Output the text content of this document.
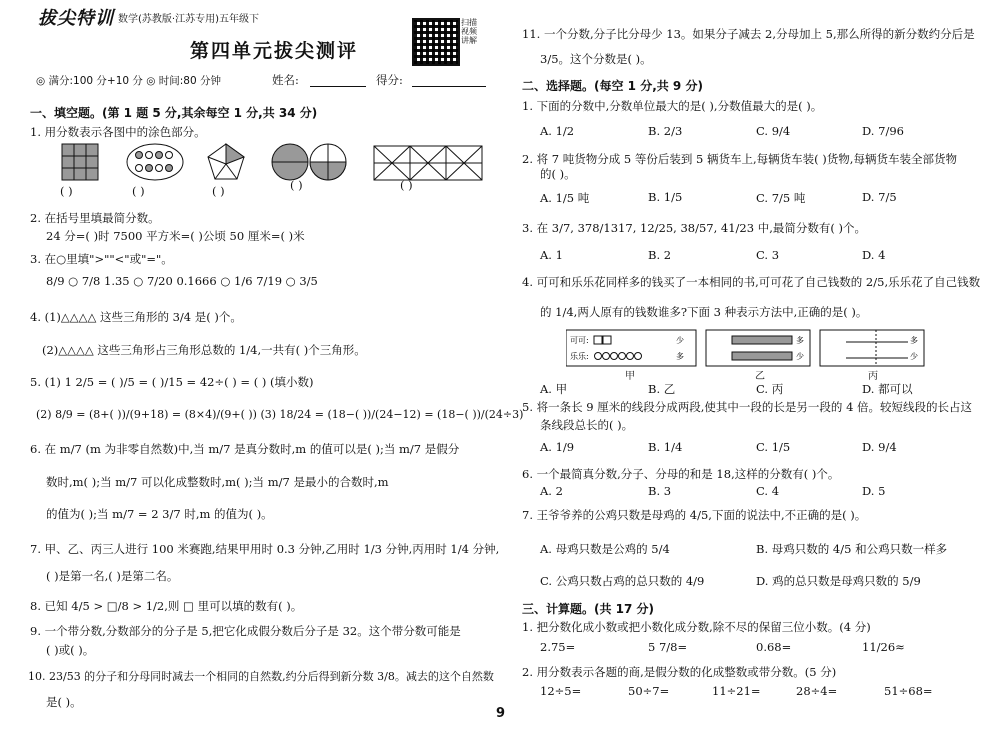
拔尖特训 数学(苏教版·江苏专用)五年级下	扫描视频讲解
第四单元拔尖测评
◎ 满分:100 分+10 分 ◎ 时间:80 分钟	姓名:	得分:
一、填空题。(第 1 题 5 分,其余每空 1 分,共 34 分)
1. 用分数表示各图中的涂色部分。
( )	( )	( )	( )	( )
2. 在括号里填最简分数。
24 分=( )时 7500 平方米=( )公顷 50 厘米=( )米
3. 在○里填">""<"或"="。
8/9 ○ 7/8 1.35 ○ 7/20 0.1666 ○ 1/6 7/19 ○ 3/5
4. (1)△△△△ 这些三角形的 3/4 是( )个。
(2)△△△△ 这些三角形占三角形总数的 1/4,一共有( )个三角形。
5. (1) 1 2/5 = ( )/5 = ( )/15 = 42÷( ) = ( ) (填小数)
(2) 8/9 = (8+( ))/(9+18) = (8×4)/(9+( )) (3) 18/24 = (18−( ))/(24−12) = (18−( ))/(24÷3)
6. 在 m/7 (m 为非零自然数)中,当 m/7 是真分数时,m 的值可以是( );当 m/7 是假分
数时,m( );当 m/7 可以化成整数时,m( );当 m/7 是最小的合数时,m
的值为( );当 m/7 = 2 3/7 时,m 的值为( )。
7. 甲、乙、丙三人进行 100 米赛跑,结果甲用时 0.3 分钟,乙用时 1/3 分钟,丙用时 1/4 分钟,
( )是第一名,( )是第二名。
8. 已知 4/5 > □/8 > 1/2,则 □ 里可以填的数有( )。
9. 一个带分数,分数部分的分子是 5,把它化成假分数后分子是 32。这个带分数可能是
( )或( )。
10. 23/53 的分子和分母同时减去一个相同的自然数,约分后得到新分数 3/8。减去的这个自然数
是( )。
9
11. 一个分数,分子比分母少 13。如果分子减去 2,分母加上 5,那么所得的新分数约分后是
3/5。这个分数是( )。
二、选择题。(每空 1 分,共 9 分)
1. 下面的分数中,分数单位最大的是( ),分数值最大的是( )。
A. 1/2	B. 2/3	C. 9/4	D. 7/96
2. 将 7 吨货物分成 5 等份后装到 5 辆货车上,每辆货车装( )货物,每辆货车装全部货物
的( )。
A. 1/5 吨	B. 1/5	C. 7/5 吨	D. 7/5
3. 在 3/7, 378/1317, 12/25, 38/57, 41/23 中,最简分数有( )个。
A. 1	B. 2	C. 3	D. 4
4. 可可和乐乐花同样多的钱买了一本相同的书,可可花了自己钱数的 2/5,乐乐花了自己钱数
的 1/4,两人原有的钱数谁多?下面 3 种表示方法中,正确的是( )。
可可:
乐乐:
少
多
多
少
多
少
甲	乙	丙
A. 甲	B. 乙	C. 丙	D. 都可以
5. 将一条长 9 厘米的线段分成两段,使其中一段的长是另一段的 4 倍。较短线段的长占这
条线段总长的( )。
A. 1/9	B. 1/4	C. 1/5	D. 9/4
6. 一个最简真分数,分子、分母的和是 18,这样的分数有( )个。
A. 2	B. 3	C. 4	D. 5
7. 王爷爷养的公鸡只数是母鸡的 4/5,下面的说法中,不正确的是( )。
A. 母鸡只数是公鸡的 5/4	B. 母鸡只数的 4/5 和公鸡只数一样多
C. 公鸡只数占鸡的总只数的 4/9	D. 鸡的总只数是母鸡只数的 5/9
三、计算题。(共 17 分)
1. 把分数化成小数或把小数化成分数,除不尽的保留三位小数。(4 分)
2.75=	5 7/8=	0.68=	11/26≈
2. 用分数表示各题的商,是假分数的化成整数或带分数。(5 分)
12÷5=	50÷7=	11÷21=	28÷4=	51÷68=
